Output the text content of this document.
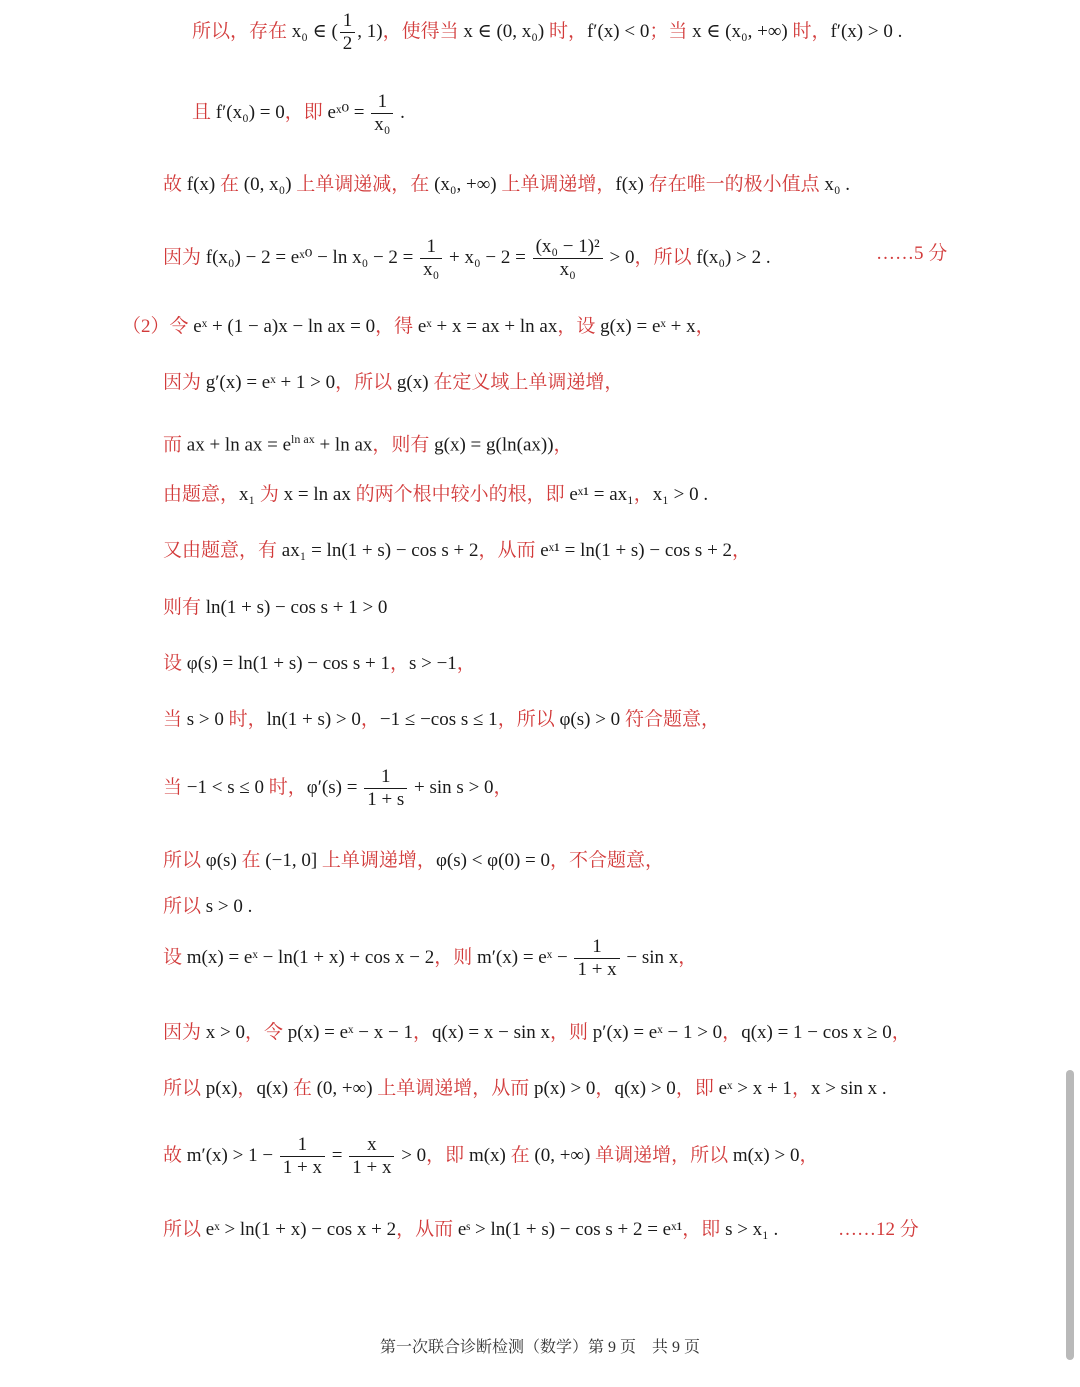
所以，存在 x₀ ∈ ( $\frac{1}{2}$ , 1)，使得当 x ∈ (0, x₀) 时，f′(x) < 0；当 x ∈ (x₀, +∞) 时，f′(x) > 0 .
且 f′(x₀) = 0，即 eˣ⁰ = $\frac{1}{\text{x₀}}$ .
故 f(x) 在 (0, x₀) 上单调递减，在 (x₀, +∞) 上单调递增，f(x) 存在唯一的极小值点 x₀ .
因为 f(x₀) − 2 = eˣ⁰ − $\ln x_0 - 2 = \frac{1}{\text{x₀}} + x_0 - 2 = \frac{\text{(x₀ − 1)²}}{\text{x₀}} > 0$，所以 f(x₀) > 2 .	……5 分
（2）令 eˣ + (1 − a)x − ln ax = 0，得 eˣ + x = ax + ln ax，设 g(x) = eˣ + x，
因为 g′(x) = eˣ + 1 > 0，所以 g(x) 在定义域上单调递增，
而 ax + ln ax = $e^{ln ax} + \ln$ ax，则有 g(x) = g(ln(ax))，
由题意，x₁ 为 x = ln ax 的两个根中较小的根，即 eˣ¹ = ax₁，x₁ > 0 .
又由题意，有 ax₁ = ln(1 + s) − cos s + 2，从而 eˣ¹ = ln(1 + s) − cos s + 2，
则有 ln(1 + s) − cos s + 1 > 0
设 φ(s) = ln(1 + s) − cos s + 1，s > −1，
当 s > 0 时，ln(1 + s) > 0，−1 ≤ −cos s ≤ 1，所以 φ(s) > 0 符合题意，
当 −1 < s ≤ 0 时，$\varphi'(s) = \frac{1}{1 + s} + \sin s > 0$，
所以 φ(s) 在 (−1, 0] 上单调递增，φ(s) < φ(0) = 0，不合题意，
所以 s > 0 .
设 m(x) = eˣ − ln(1 + x) + cos x − 2，则 m′(x) = eˣ − $\frac{1}{1 + x} - \sin x$，
因为 x > 0，令 p(x) = eˣ − x − 1，q(x) = x − sin x，则 p′(x) = eˣ − 1 > 0，q(x) = 1 − cos x ≥ 0，
所以 p(x)，q(x) 在 (0, +∞) 上单调递增，从而 p(x) > 0，q(x) > 0，即 eˣ > x + 1，x > sin x .
故 $m'(x) > 1 - \frac{1}{1 + x} = \frac{x}{1 + x} > 0$，即 m(x) 在 (0, +∞) 单调递增，所以 m(x) > 0，
所以 eˣ > ln(1 + x) − cos x + 2，从而 eˢ > ln(1 + s) − cos s + 2 = eˣ¹，即 s > x₁ .	……12 分
第一次联合诊断检测（数学）第 9 页　共 9 页
